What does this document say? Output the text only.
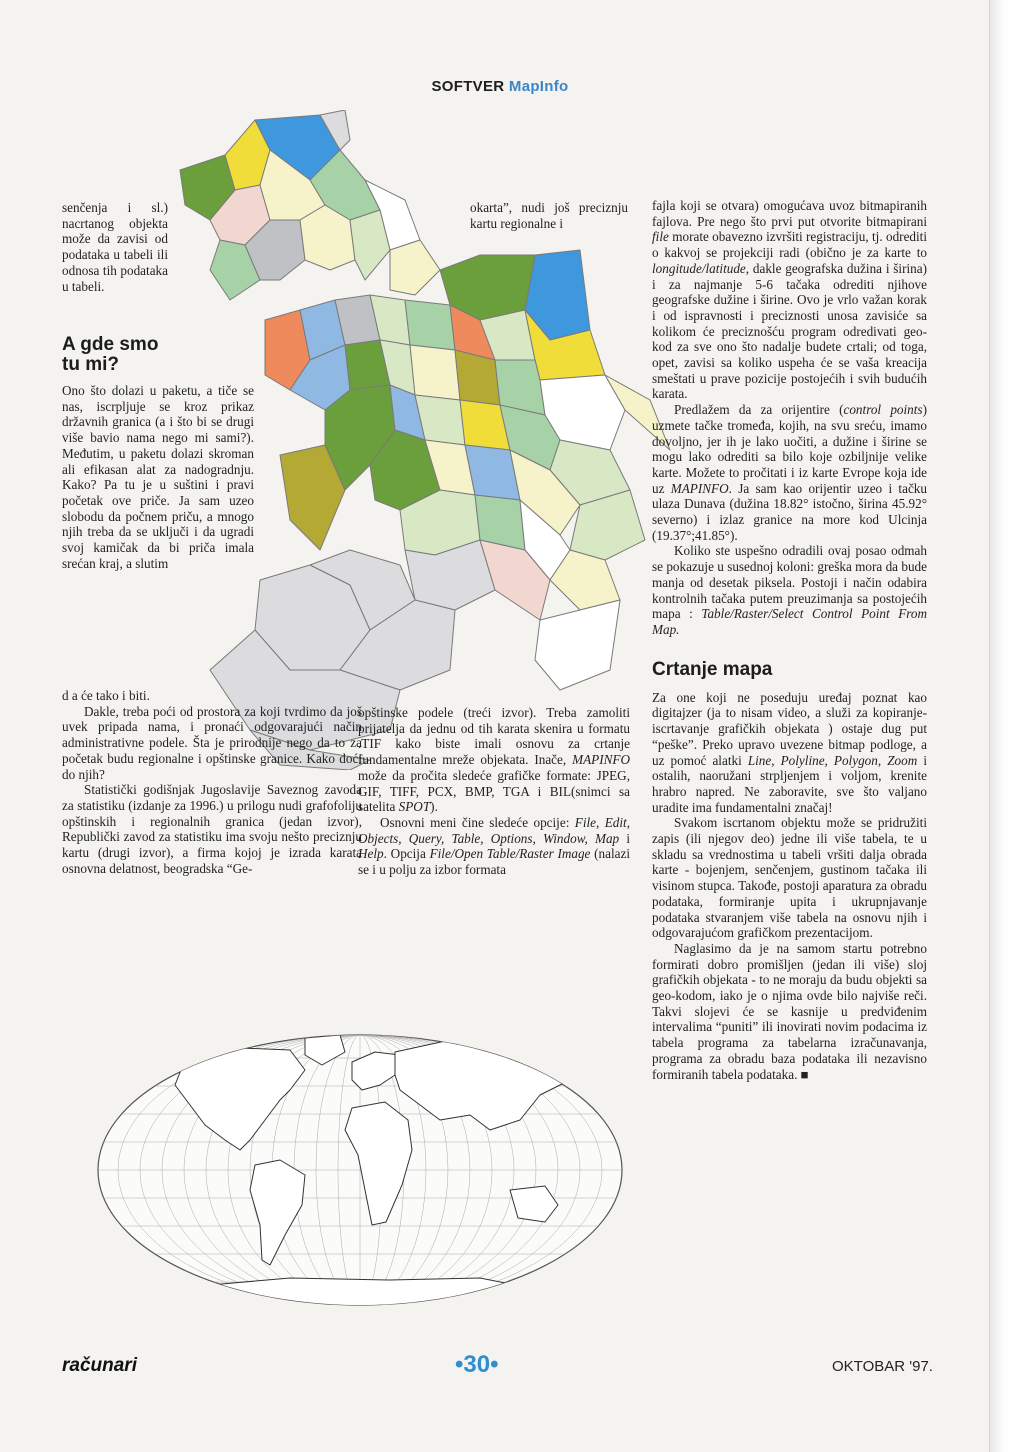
SOFTVER MapInfo

senčenja i sl.) nacrtanog objekta može da zavisi od podataka u tabeli ili odnosa tih podataka u tabeli.

A gde smo tu mi?

Ono što dolazi u paketu, a tiče se nas, iscrpljuje se kroz prikaz državnih granica (a i što bi se drugi više bavio nama nego mi sami?). Međutim, u paketu dolazi skroman ali efikasan alat za nadogradnju. Kako? Pa tu je u suštini i pravi početak ove priče. Ja sam uzeo slobodu da počnem priču, a mnogo njih treba da se uključi i da ugradi svoj kamičak da bi priča imala srećan kraj, a slutim

d a će tako i biti.

Dakle, treba poći od prostora za koji tvrdimo da još uvek pripada nama, i pronaći odgovarajući način administrativne podele. Šta je prirodnije nego da to za početak budu regionalne i opštinske granice. Kako doći do njih?

Statistički godišnjak Jugoslavije Saveznog zavoda za statistiku (izdanje za 1996.) u prilogu nudi grafofoliju opštinskih i regionalnih granica (jedan izvor), Republički zavod za statistiku ima svoju nešto preciznju kartu (drugi izvor), a firma kojoj je izrada karata osnovna delatnost, beogradska “Ge-

okarta”, nudi još preciznju kartu regionalne i

opštinske podele (treći izvor). Treba zamoliti prijatelja da jednu od tih karata skenira u formatu .TIF kako biste imali osnovu za crtanje fundamentalne mreže objekata. Inače, MAPINFO može da pročita sledeće grafičke formate: JPEG, GIF, TIFF, PCX, BMP, TGA i BIL(snimci sa satelita SPOT).

Osnovni meni čine sledeće opcije: File, Edit, Objects, Query, Table, Options, Window, Map i Help. Opcija File/Open Table/Raster Image (nalazi se i u polju za izbor formata

fajla koji se otvara) omogućava uvoz bitmapiranih fajlova. Pre nego što prvi put otvorite bitmapirani file morate obavezno izvršiti registraciju, tj. odrediti o kakvoj se projekciji radi (obično je za karte to longitude/latitude, dakle geografska dužina i širina) i za najmanje 5-6 tačaka odrediti njihove geografske dužine i širine. Ovo je vrlo važan korak i od ispravnosti i preciznosti unosa zavisiće sa kolikom će preciznošću program odredivati geo-kod za sve ono što nadalje budete crtali; od toga, opet, zavisi sa koliko uspeha će se vaša kreacija smeštati u prave pozicije postojećih i svih budućih karata.

Predlažem da za orijentire (control points) uzmete tačke tromeđa, kojih, na svu sreću, imamo dovoljno, jer ih je lako uočiti, a dužine i širine se mogu lako odrediti sa bilo koje ozbiljnije velike karte. Možete to pročitati i iz karte Evrope koja ide uz MAPINFO. Ja sam kao orijentir uzeo i tačku ulaza Dunava (dužina 18.82° istočno, širina 45.92° severno) i izlaz granice na more kod Ulcinja (19.37°;41.85°).

Koliko ste uspešno odradili ovaj posao odmah se pokazuje u susednoj koloni: greška mora da bude manja od desetak piksela. Postoji i način odabira kontrolnih tačaka putem preuzimanja sa postojećih mapa : Table/Raster/Select Control Point From Map.

Crtanje mapa

Za one koji ne poseduju uređaj poznat kao digitajzer (ja to nisam video, a služi za kopiranje-iscrtavanje grafičkih objekata ) ostaje dug put “peške”. Preko upravo uvezene bitmap podloge, a uz pomoć alatki Line, Polyline, Polygon, Zoom i ostalih, naoružani strpljenjem i voljom, krenite hrabro napred. Ne zaboravite, sve što valjano uradite ima fundamentalni značaj!

Svakom iscrtanom objektu može se pridružiti zapis (ili njegov deo) jedne ili više tabela, te u skladu sa vrednostima u tabeli vršiti dalja obrada karte - bojenjem, senčenjem, gustinom tačaka ili visinom stupca. Takođe, postoji aparatura za obradu podataka, formiranje upita i ukrupnjavanje podataka stvaranjem više tabela na osnovu njih i odgovarajućom grafičkom prezentacijom.

Naglasimo da je na samom startu potrebno formirati dobro promišljen (jedan ili više) sloj grafičkih objekata - to ne moraju da budu objekti sa geo-kodom, iako je o njima ovde bilo najviše reči. Takvi slojevi će se kasnije u predviđenim intervalima “puniti” ili inovirati novim podacima iz tabela programa za tabelarna izračunavanja, programa za obradu baza podataka ili nezavisno formiranih tabela podataka. ■

računari	•30•	OKTOBAR '97.
